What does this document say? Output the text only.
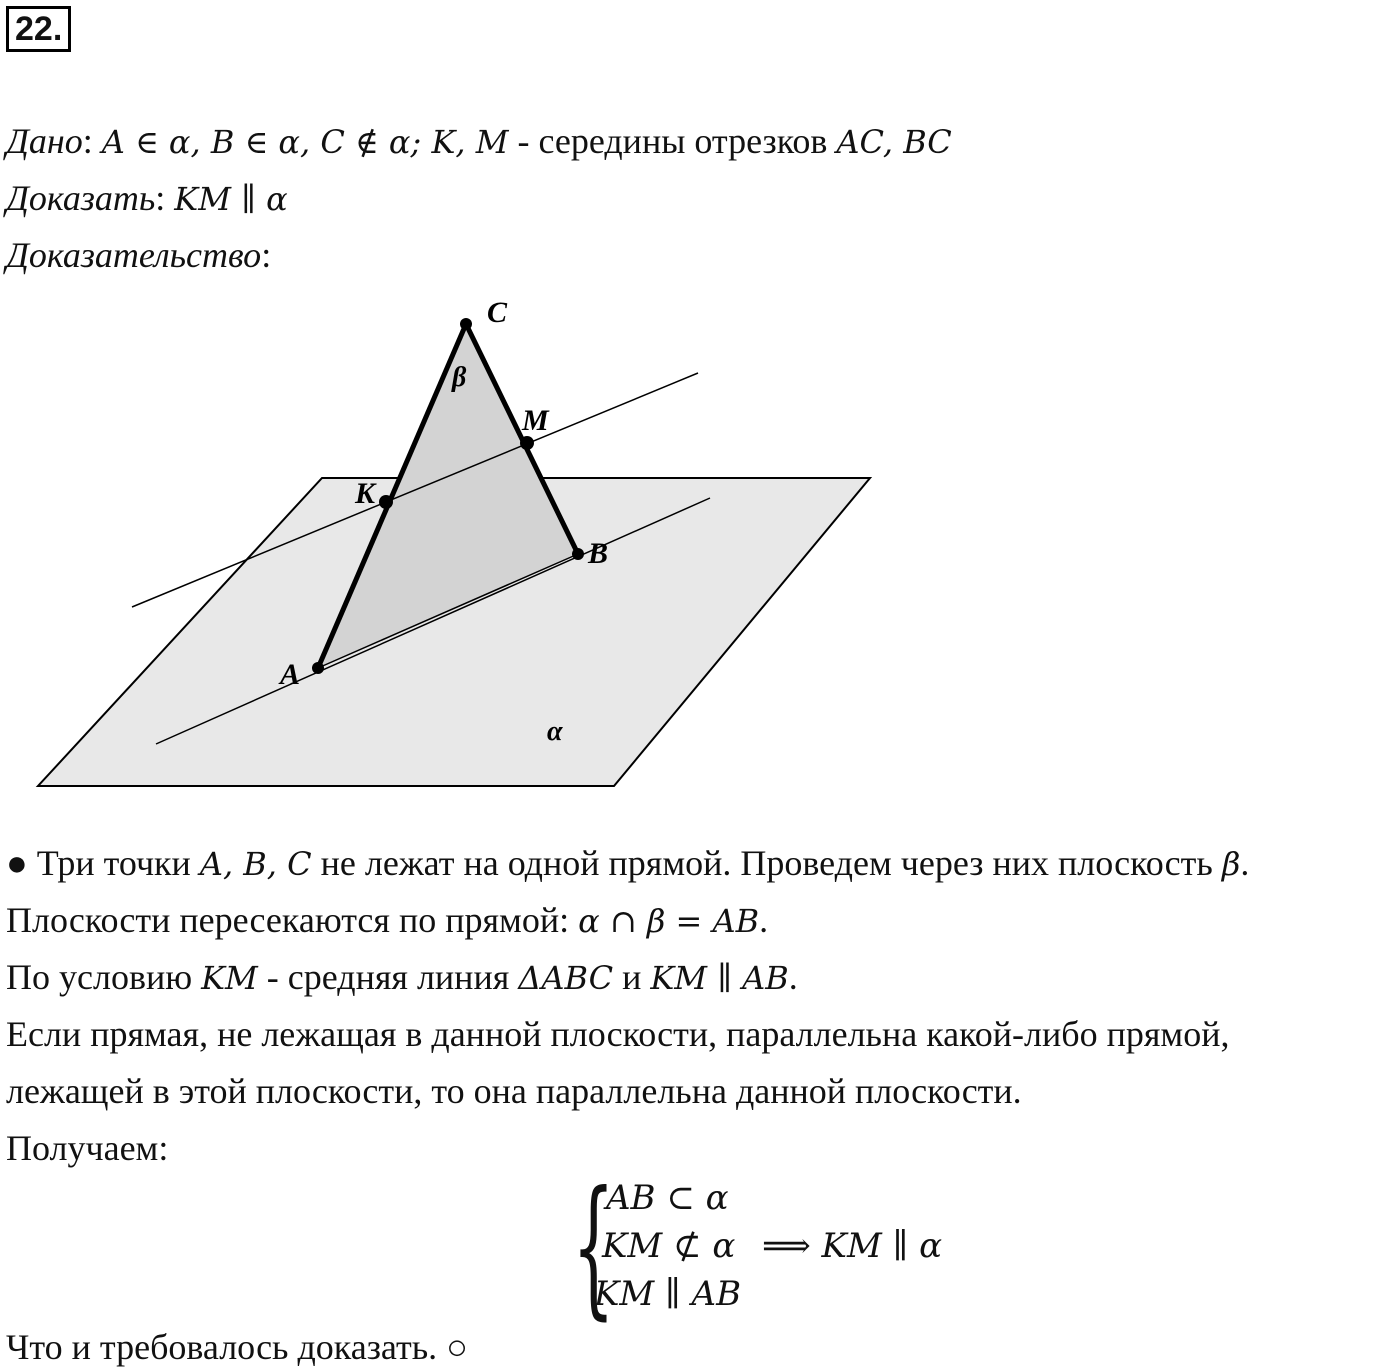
22.
Дано: A ∈ α, B ∈ α, C ∉ α; K, M - середины отрезков AC, BC
Доказать: KM ∥ α
Доказательство:
C
M
K
B
A
β
α
● Три точки A, B, C не лежат на одной прямой. Проведем через них плоскость β.
Плоскости пересекаются по прямой: α ∩ β = AB.
По условию KM - средняя линия ΔABC и KM ∥ AB.
Если прямая, не лежащая в данной плоскости, параллельна какой-либо прямой,
лежащей в этой плоскости, то она параллельна данной плоскости.
Получаем:
{
AB ⊂ α
KM ⊄ α ⟹ KM ∥ α
KM ∥ AB
Что и требовалось доказать. ○
